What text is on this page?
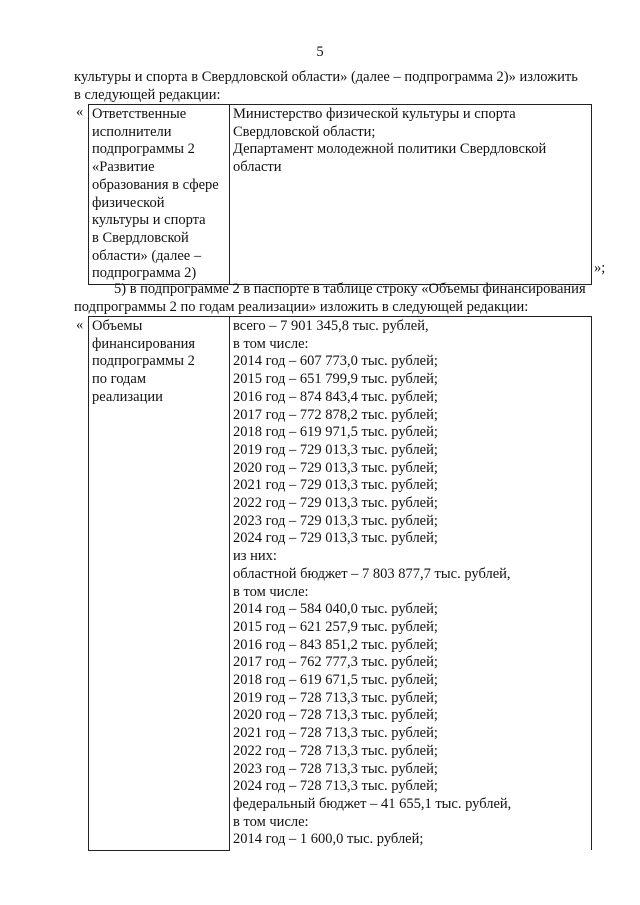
5
культуры и спорта в Свердловской области» (далее – подпрограмма 2)» изложить
в следующей редакции:
« Ответственные
исполнители
подпрограммы 2
«Развитие
образования в сфере
физической
культуры и спорта
в Свердловской
области» (далее –
подпрограмма 2)

Министерство физической культуры и спорта
Свердловской области;
Департамент молодежной политики Свердловской
области
»;
5) в подпрограмме 2 в паспорте в таблице строку «Объемы финансирования
подпрограммы 2 по годам реализации» изложить в следующей редакции:
« Объемы
финансирования
подпрограммы 2
по годам
реализации

всего – 7 901 345,8 тыс. рублей,
в том числе:
2014 год – 607 773,0 тыс. рублей;
2015 год – 651 799,9 тыс. рублей;
2016 год – 874 843,4 тыс. рублей;
2017 год – 772 878,2 тыс. рублей;
2018 год – 619 971,5 тыс. рублей;
2019 год – 729 013,3 тыс. рублей;
2020 год – 729 013,3 тыс. рублей;
2021 год – 729 013,3 тыс. рублей;
2022 год – 729 013,3 тыс. рублей;
2023 год – 729 013,3 тыс. рублей;
2024 год – 729 013,3 тыс. рублей;
из них:
областной бюджет – 7 803 877,7 тыс. рублей,
в том числе:
2014 год – 584 040,0 тыс. рублей;
2015 год – 621 257,9 тыс. рублей;
2016 год – 843 851,2 тыс. рублей;
2017 год – 762 777,3 тыс. рублей;
2018 год – 619 671,5 тыс. рублей;
2019 год – 728 713,3 тыс. рублей;
2020 год – 728 713,3 тыс. рублей;
2021 год – 728 713,3 тыс. рублей;
2022 год – 728 713,3 тыс. рублей;
2023 год – 728 713,3 тыс. рублей;
2024 год – 728 713,3 тыс. рублей;
федеральный бюджет – 41 655,1 тыс. рублей,
в том числе:
2014 год – 1 600,0 тыс. рублей;
